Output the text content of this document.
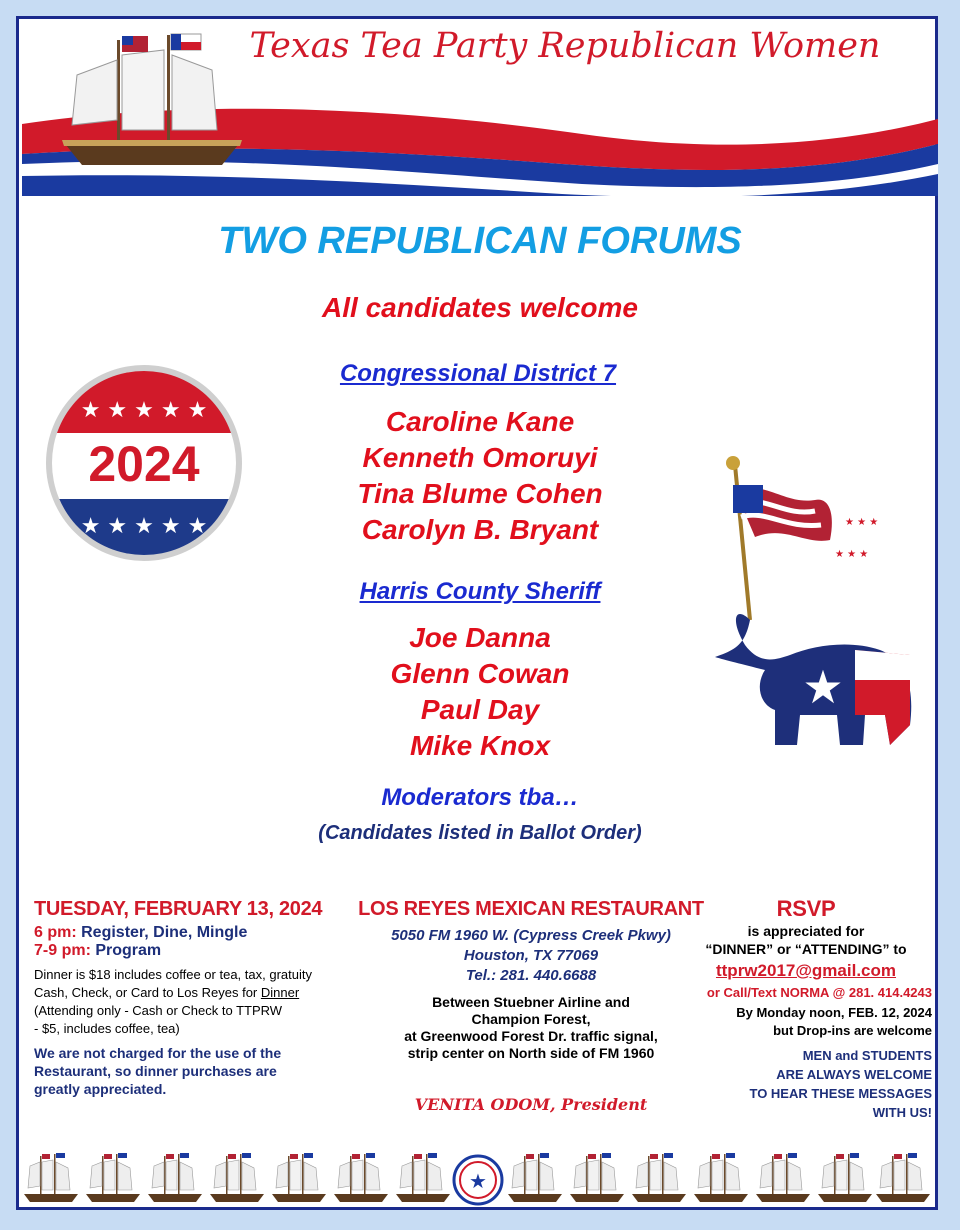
Texas Tea Party Republican Women
TWO REPUBLICAN FORUMS
All candidates welcome
★ ★ ★ ★ ★
★ ★ ★ ★ ★
2024
Congressional District 7
Caroline Kane
Kenneth Omoruyi
Tina Blume Cohen
Carolyn B. Bryant
Harris County Sheriff
Joe Danna
Glenn Cowan
Paul Day
Mike Knox
Moderators tba…
(Candidates listed in Ballot Order)
★ ★ ★
★ ★ ★
★
TUESDAY, FEBRUARY 13, 2024
6 pm: Register, Dine, Mingle
7-9 pm: Program
Dinner is $18 includes coffee or tea, tax, gratuity
Cash, Check, or Card to Los Reyes for Dinner
(Attending only - Cash or Check to TTPRW
- $5, includes coffee, tea)
We are not charged for the use of the
Restaurant, so dinner purchases are
greatly appreciated.
LOS REYES MEXICAN RESTAURANT
5050 FM 1960 W. (Cypress Creek Pkwy)
Houston, TX 77069
Tel.: 281. 440.6688
Between Stuebner Airline and
Champion Forest,
at Greenwood Forest Dr. traffic signal,
strip center on North side of FM 1960
VENITA ODOM, President
RSVP
is appreciated for
“DINNER” or “ATTENDING” to
ttprw2017@gmail.com
or Call/Text NORMA @ 281. 414.4243
By Monday noon, FEB. 12, 2024
but Drop-ins are welcome
MEN and STUDENTS
ARE ALWAYS WELCOME
TO HEAR THESE MESSAGES
WITH US!
★
